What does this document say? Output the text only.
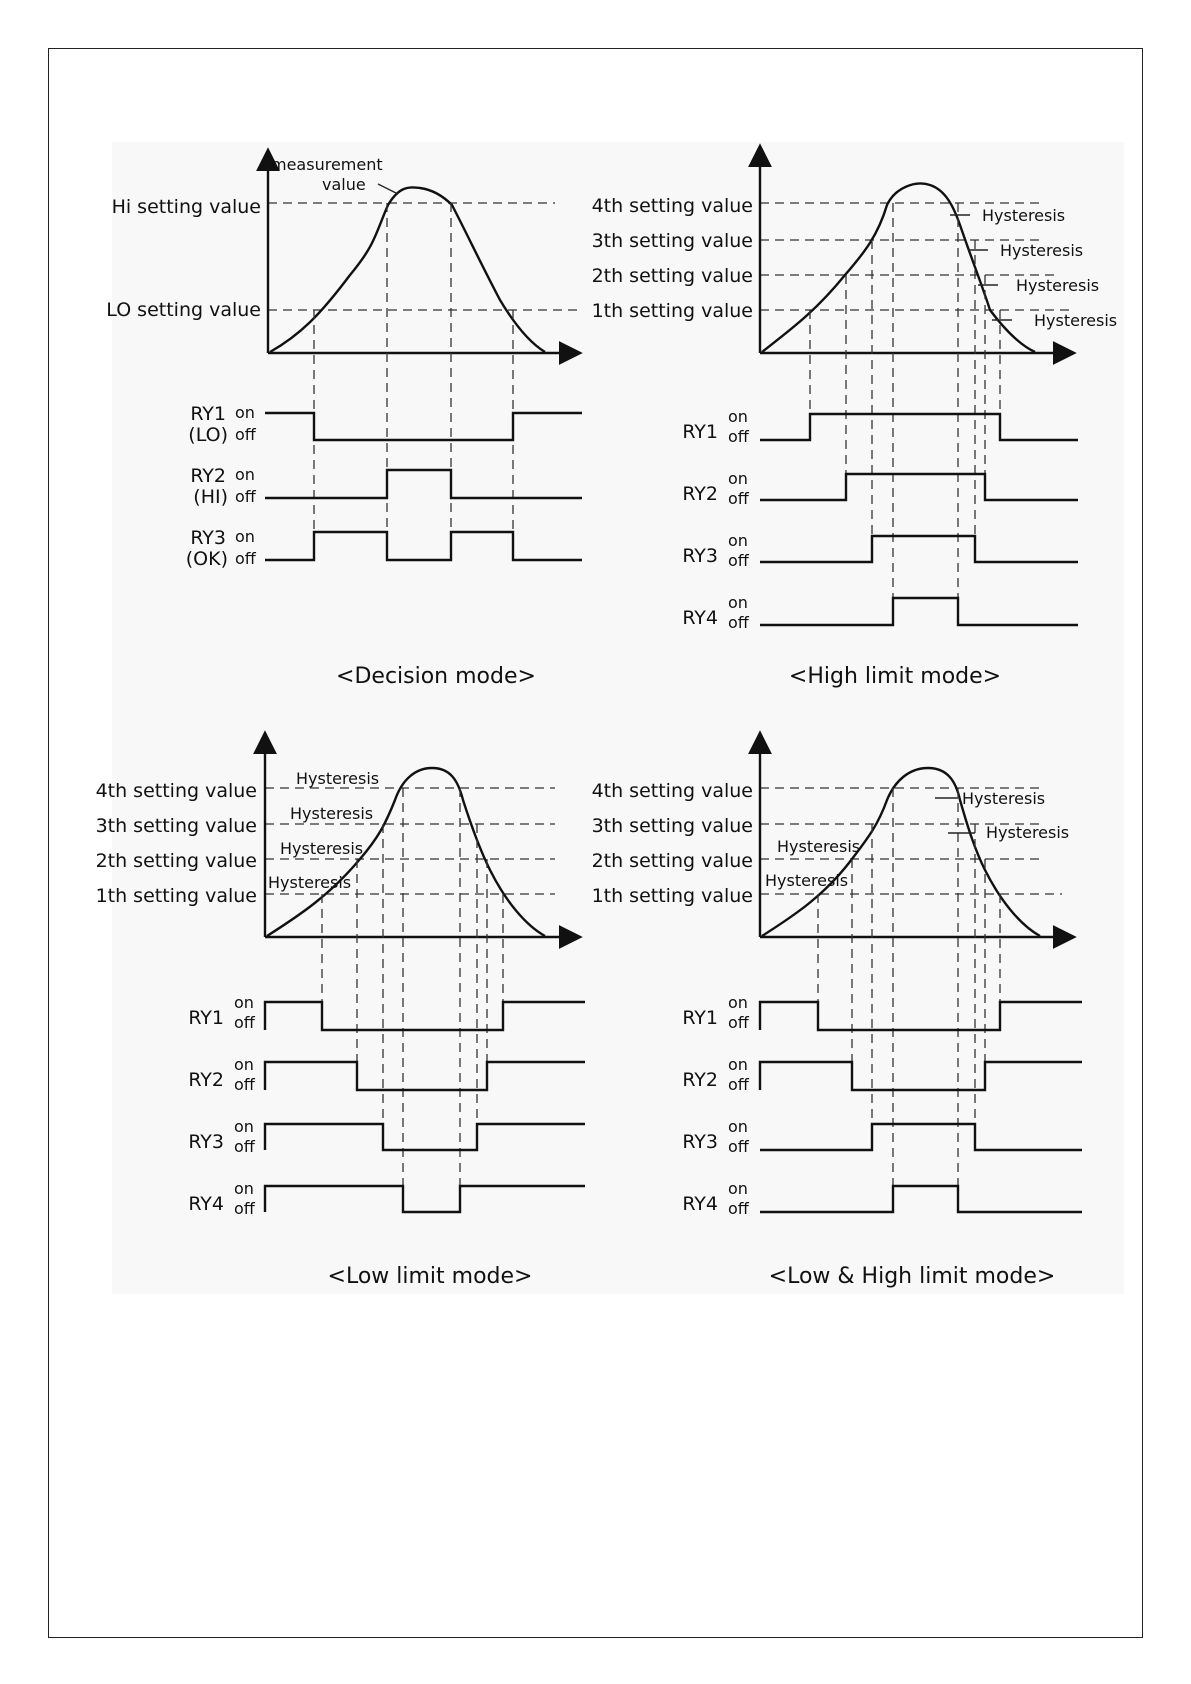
measurement
value
Hi setting value
LO setting value
RY1
(LO)
on
off
RY2
(HI)
on
off
RY3
(OK)
on
off
<Decision mode>
Hysteresis
Hysteresis
Hysteresis
Hysteresis
4th setting value
3th setting value
2th setting value
1th setting value
RY1
on
off
RY2
on
off
RY3
on
off
RY4
on
off
<High limit mode>
Hysteresis
Hysteresis
Hysteresis
Hysteresis
4th setting value
3th setting value
2th setting value
1th setting value
RY1
on
off
RY2
on
off
RY3
on
off
RY4
on
off
<Low limit mode>
Hysteresis
Hysteresis
Hysteresis
Hysteresis
4th setting value
3th setting value
2th setting value
1th setting value
RY1
on
off
RY2
on
off
RY3
on
off
RY4
on
off
<Low & High limit mode>
